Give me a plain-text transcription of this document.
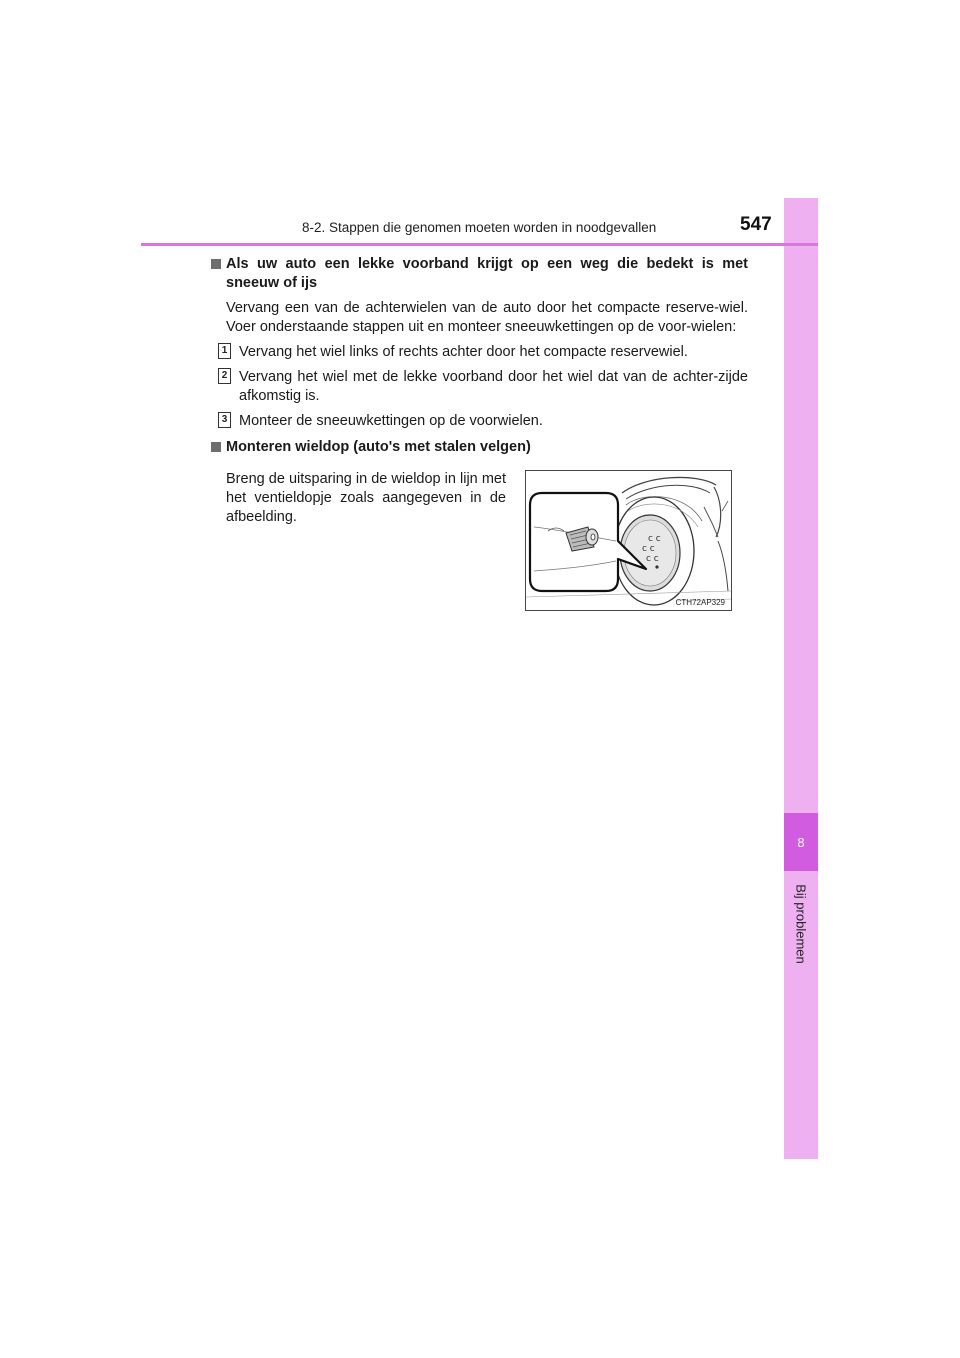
8
Bij problemen
8-2. Stappen die genomen moeten worden in noodgevallen	547
Als uw auto een lekke voorband krijgt op een weg die bedekt is met sneeuw of ijs
Vervang een van de achterwielen van de auto door het compacte reserve-wiel. Voer onderstaande stappen uit en monteer sneeuwkettingen op de voor-wielen:
1 Vervang het wiel links of rechts achter door het compacte reservewiel.
2 Vervang het wiel met de lekke voorband door het wiel dat van de achter-zijde afkomstig is.
3 Monteer de sneeuwkettingen op de voorwielen.
Monteren wieldop (auto's met stalen velgen)
Breng de uitsparing in de wieldop in lijn met het ventieldopje zoals aangegeven in de afbeelding.
c c
c c
c c
CTH72AP329
